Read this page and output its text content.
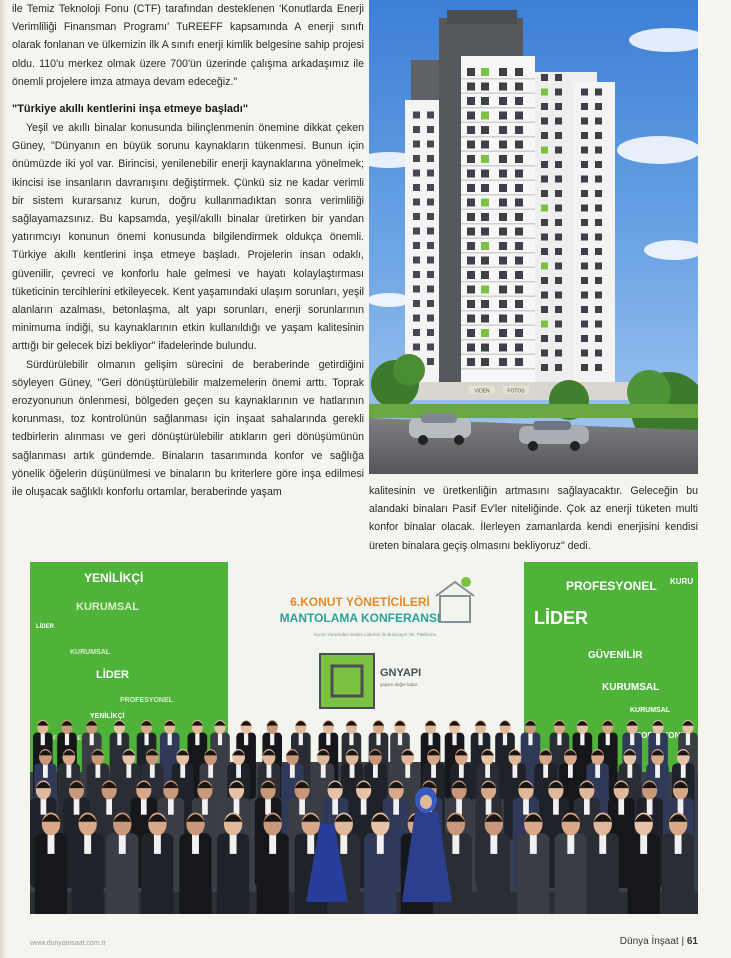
ile Temiz Teknoloji Fonu (CTF) tarafından desteklenen 'Konutlarda Enerji Verimliliği Finansman Programı' TuREEFF kapsamında A enerji sınıfı olarak fonlanan ve ülkemizin ilk A sınıfı enerji kimlik belgesine sahip projesi oldu. 110'u merkez olmak üzere 700'ün üzerinde çalışma arkadaşımız ile önemli projelere imza atmaya devam edeceğiz."

"Türkiye akıllı kentlerini inşa etmeye başladı"

Yeşil ve akıllı binalar konusunda bilinçlenmenin önemine dikkat çeken Güney, "Dünyanın en büyük sorunu kaynakların tükenmesi. Bunun için önümüzde iki yol var. Birincisi, yenilenebilir enerji kaynaklarına yönelmek; ikincisi ise insanların davranışını değiştirmek. Çünkü siz ne kadar verimli bir sistem kurarsanız kurun, doğru kullanmadıktan sonra verimliliği sağlayamazsınız. Bu kapsamda, yeşil/akıllı binalar üretirken bir yandan yatırımcıyı konunun önemi konusunda bilgilendirmek oldukça önemli. Türkiye akıllı kentlerini inşa etmeye başladı. Projelerin insan odaklı, güvenilir, çevreci ve konforlu hale gelmesi ve hayatı kolaylaştırması tüketicinin tercihlerini etkileyecek. Kent yaşamındaki ulaşım sorunları, yeşil alanların azalması, betonlaşma, alt yapı sorunları, enerji sorunlarının minimuma indiği, su kaynaklarının etkin kullanıldığı ve yaşam kalitesinin arttığı bir gelecek bizi bekliyor" ifadelerinde bulundu.

Sürdürülebilir olmanın gelişim sürecini de beraberinde getirdiğini söyleyen Güney, "Geri dönüştürülebilir malzemelerin önemi arttı. Toprak erozyonunun önlenmesi, bölgeden geçen su kaynaklarının ve hatlarının korunması, toz kontrolünün sağlanması için inşaat sahalarında gerekli tedbirlerin alınması ve geri dönüştürülebilir atıkların geri dönüşümünün sağlanması artık gündemde. Binaların tasarımında konfor ve sağlığa yönelik öğelerin düşünülmesi ve binaların bu kriterlere göre inşa edilmesi ile oluşacak sağlıklı konforlu ortamlar, beraberinde yaşam

VIDEN	FOTOS

kalitesinin ve üretkenliğin artmasını sağlayacaktır. Geleceğin bu alandaki binaları Pasif Ev'ler niteliğinde. Çok az enerji tüketen multi konfor binalar olacak. İlerleyen zamanlarda kendi enerjisini kendisi üreten binalara geçiş olmasını bekliyoruz" dedi.

6.KONUT YÖNETİCİLERİ
MANTOLAMA KONFERANSI
Konut Yöneticileri Sektör Liderleri ile Buluşuyor Tel. Platformu
GNYAPI
yaşam değer katar
YENİLİKÇİ
KURUMSAL
LİDER
KURUMSAL
LİDER
PROFESYONEL
YENİLİKÇİ
PROFESYONEL KURU
LİDER
GÜVENİLİR
KURUMSAL
KURUMSAL
www.dunyainsaat.com.tr	Dünya İnşaat | 61
